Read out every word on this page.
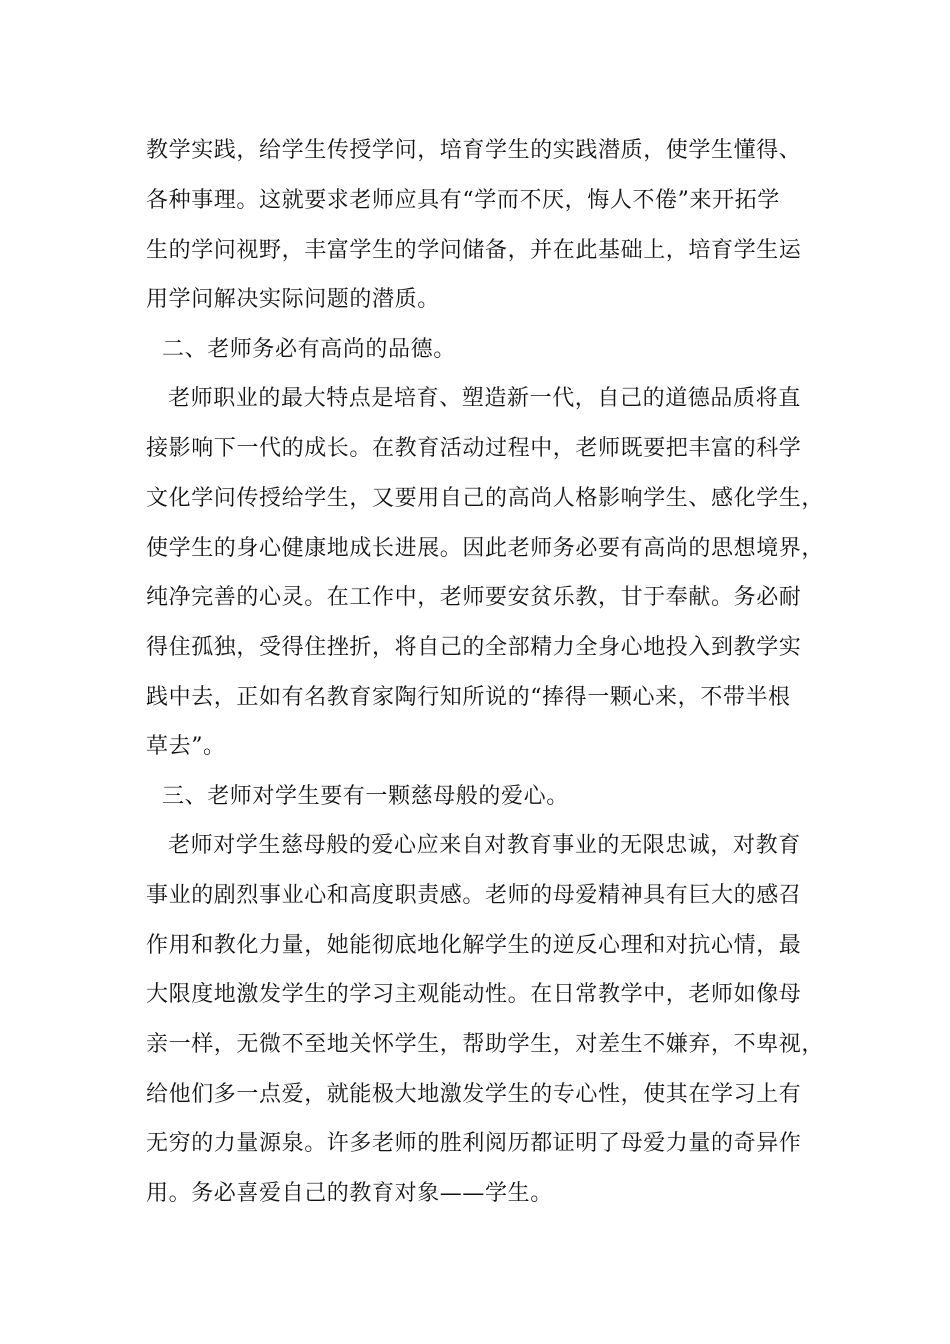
教学实践，给学生传授学问，培育学生的实践潜质，使学生懂得、
各种事理。这就要求老师应具有“学而不厌，悔人不倦”来开拓学
生的学问视野，丰富学生的学问储备，并在此基础上，培育学生运
用学问解决实际问题的潜质。
二、老师务必有高尚的品德。
老师职业的最大特点是培育、塑造新一代，自己的道德品质将直
接影响下一代的成长。在教育活动过程中，老师既要把丰富的科学
文化学问传授给学生，又要用自己的高尚人格影响学生、感化学生，
使学生的身心健康地成长进展。因此老师务必要有高尚的思想境界，
纯净完善的心灵。在工作中，老师要安贫乐教，甘于奉献。务必耐
得住孤独，受得住挫折，将自己的全部精力全身心地投入到教学实
践中去，正如有名教育家陶行知所说的“捧得一颗心来，不带半根
草去”。
三、老师对学生要有一颗慈母般的爱心。
老师对学生慈母般的爱心应来自对教育事业的无限忠诚，对教育
事业的剧烈事业心和高度职责感。老师的母爱精神具有巨大的感召
作用和教化力量，她能彻底地化解学生的逆反心理和对抗心情，最
大限度地激发学生的学习主观能动性。在日常教学中，老师如像母
亲一样，无微不至地关怀学生，帮助学生，对差生不嫌弃，不卑视，
给他们多一点爱，就能极大地激发学生的专心性，使其在学习上有
无穷的力量源泉。许多老师的胜利阅历都证明了母爱力量的奇异作
用。务必喜爱自己的教育对象——学生。
